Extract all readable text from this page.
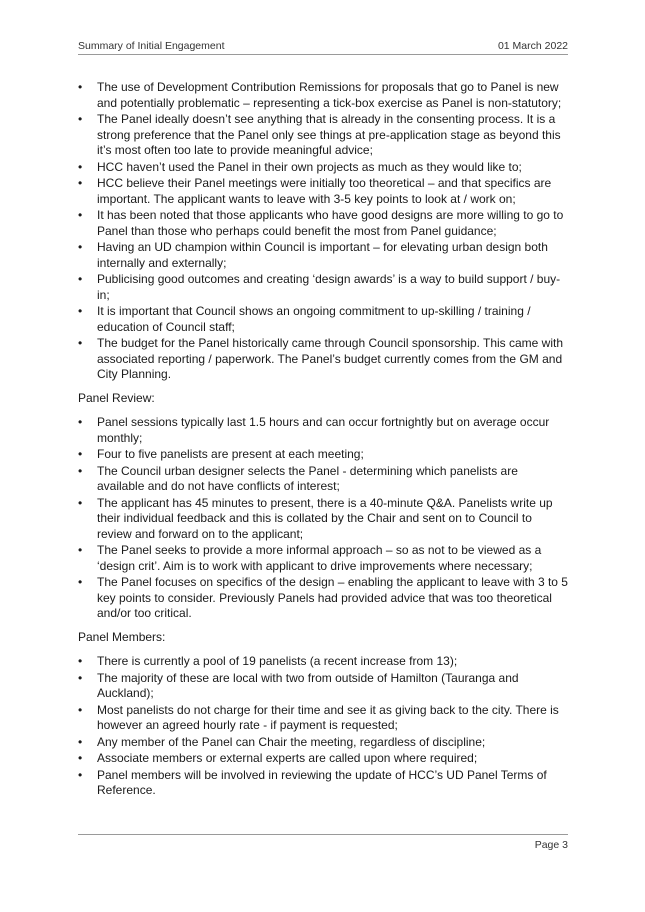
Summary of Initial Engagement	01 March 2022
• The use of Development Contribution Remissions for proposals that go to Panel is new and potentially problematic – representing a tick-box exercise as Panel is non-statutory;
• The Panel ideally doesn’t see anything that is already in the consenting process. It is a strong preference that the Panel only see things at pre-application stage as beyond this it’s most often too late to provide meaningful advice;
• HCC haven’t used the Panel in their own projects as much as they would like to;
• HCC believe their Panel meetings were initially too theoretical – and that specifics are important. The applicant wants to leave with 3-5 key points to look at / work on;
• It has been noted that those applicants who have good designs are more willing to go to Panel than those who perhaps could benefit the most from Panel guidance;
• Having an UD champion within Council is important – for elevating urban design both internally and externally;
• Publicising good outcomes and creating ‘design awards’ is a way to build support / buy-in;
• It is important that Council shows an ongoing commitment to up-skilling / training / education of Council staff;
• The budget for the Panel historically came through Council sponsorship. This came with associated reporting / paperwork. The Panel’s budget currently comes from the GM and City Planning.

Panel Review:

• Panel sessions typically last 1.5 hours and can occur fortnightly but on average occur monthly;
• Four to five panelists are present at each meeting;
• The Council urban designer selects the Panel - determining which panelists are available and do not have conflicts of interest;
• The applicant has 45 minutes to present, there is a 40-minute Q&A. Panelists write up their individual feedback and this is collated by the Chair and sent on to Council to review and forward on to the applicant;
• The Panel seeks to provide a more informal approach – so as not to be viewed as a ‘design crit’. Aim is to work with applicant to drive improvements where necessary;
• The Panel focuses on specifics of the design – enabling the applicant to leave with 3 to 5 key points to consider. Previously Panels had provided advice that was too theoretical and/or too critical.

Panel Members:

• There is currently a pool of 19 panelists (a recent increase from 13);
• The majority of these are local with two from outside of Hamilton (Tauranga and Auckland);
• Most panelists do not charge for their time and see it as giving back to the city. There is however an agreed hourly rate - if payment is requested;
• Any member of the Panel can Chair the meeting, regardless of discipline;
• Associate members or external experts are called upon where required;
• Panel members will be involved in reviewing the update of HCC’s UD Panel Terms of Reference.
Page 3
